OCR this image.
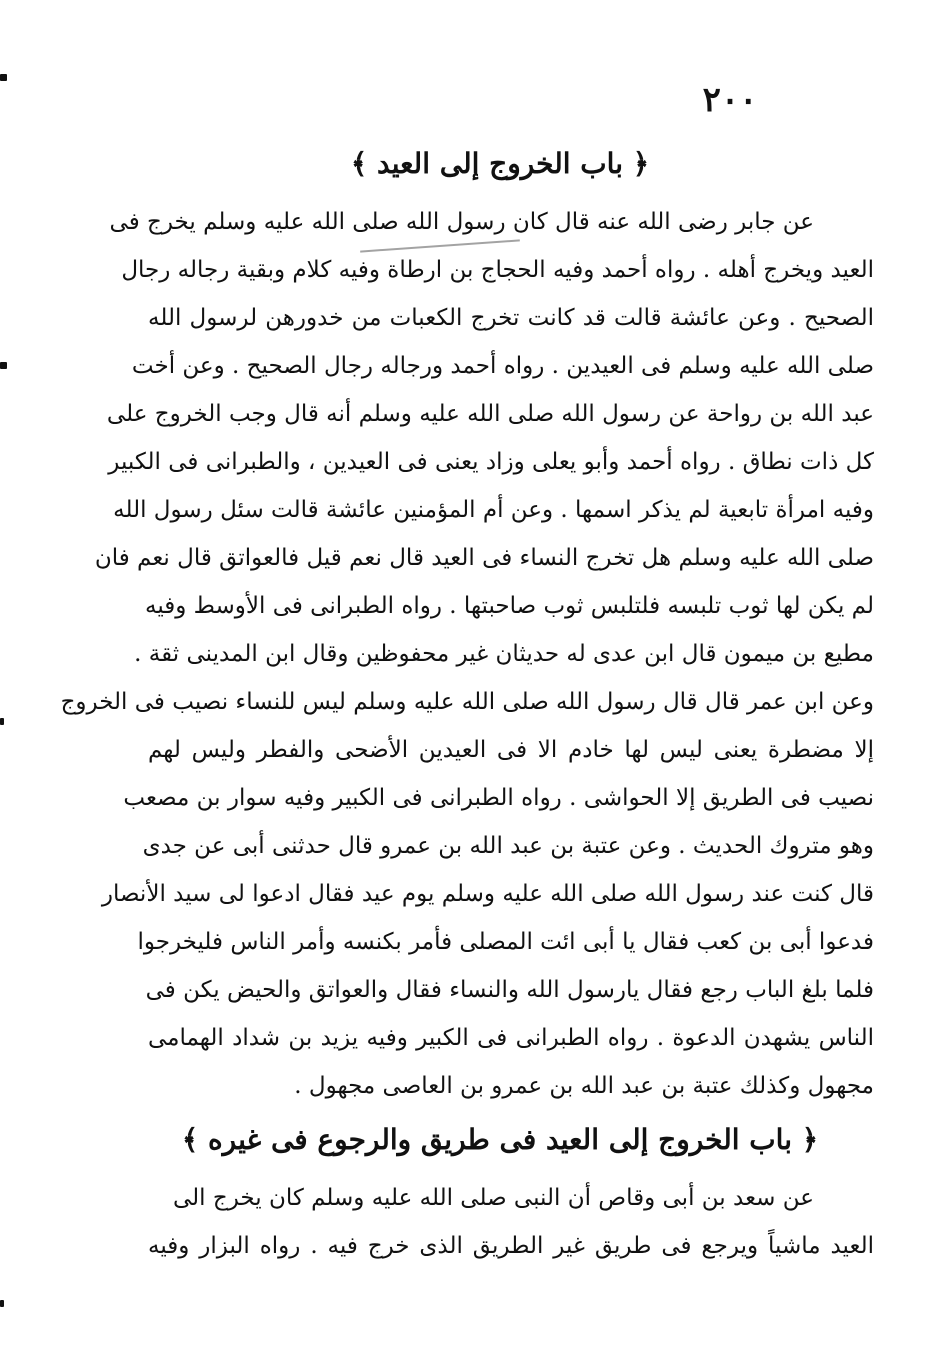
٢٠٠
﴿ باب الخروج إلى العيد ﴾
عن جابر رضى الله عنه قال كان رسول الله صلى الله عليه وسلم يخرج فى
العيد ويخرج أهله . رواه أحمد وفيه الحجاج بن ارطاة وفيه كلام وبقية رجاله رجال
الصحيح . وعن عائشة قالت قد كانت تخرج الكعبات من خدورهن لرسول الله
صلى الله عليه وسلم فى العيدين . رواه أحمد ورجاله رجال الصحيح . وعن أخت
عبد الله بن رواحة عن رسول الله صلى الله عليه وسلم أنه قال وجب الخروج على
كل ذات نطاق . رواه أحمد وأبو يعلى وزاد يعنى فى العيدين ، والطبرانى فى الكبير
وفيه امرأة تابعية لم يذكر اسمها . وعن أم المؤمنين عائشة قالت سئل رسول الله
صلى الله عليه وسلم هل تخرج النساء فى العيد قال نعم قيل فالعواتق قال نعم فان
لم يكن لها ثوب تلبسه فلتلبس ثوب صاحبتها . رواه الطبرانى فى الأوسط وفيه
مطيع بن ميمون قال ابن عدى له حديثان غير محفوظين وقال ابن المدينى ثقة .
وعن ابن عمر قال قال رسول الله صلى الله عليه وسلم ليس للنساء نصيب فى الخروج
إلا مضطرة يعنى ليس لها خادم الا فى العيدين الأضحى والفطر وليس لهم
نصيب فى الطريق إلا الحواشى . رواه الطبرانى فى الكبير وفيه سوار بن مصعب
وهو متروك الحديث . وعن عتبة بن عبد الله بن عمرو قال حدثنى أبى عن جدى
قال كنت عند رسول الله صلى الله عليه وسلم يوم عيد فقال ادعوا لى سيد الأنصار
فدعوا أبى بن كعب فقال يا أبى ائت المصلى فأمر بكنسه وأمر الناس فليخرجوا
فلما بلغ الباب رجع فقال يارسول الله والنساء فقال والعواتق والحيض يكن فى
الناس يشهدن الدعوة . رواه الطبرانى فى الكبير وفيه يزيد بن شداد الهمامى
مجهول وكذلك عتبة بن عبد الله بن عمرو بن العاصى مجهول .
﴿ باب الخروج إلى العيد فى طريق والرجوع فى غيره ﴾
عن سعد بن أبى وقاص أن النبى صلى الله عليه وسلم كان يخرج الى
العيد ماشياً ويرجع فى طريق غير الطريق الذى خرج فيه . رواه البزار وفيه
